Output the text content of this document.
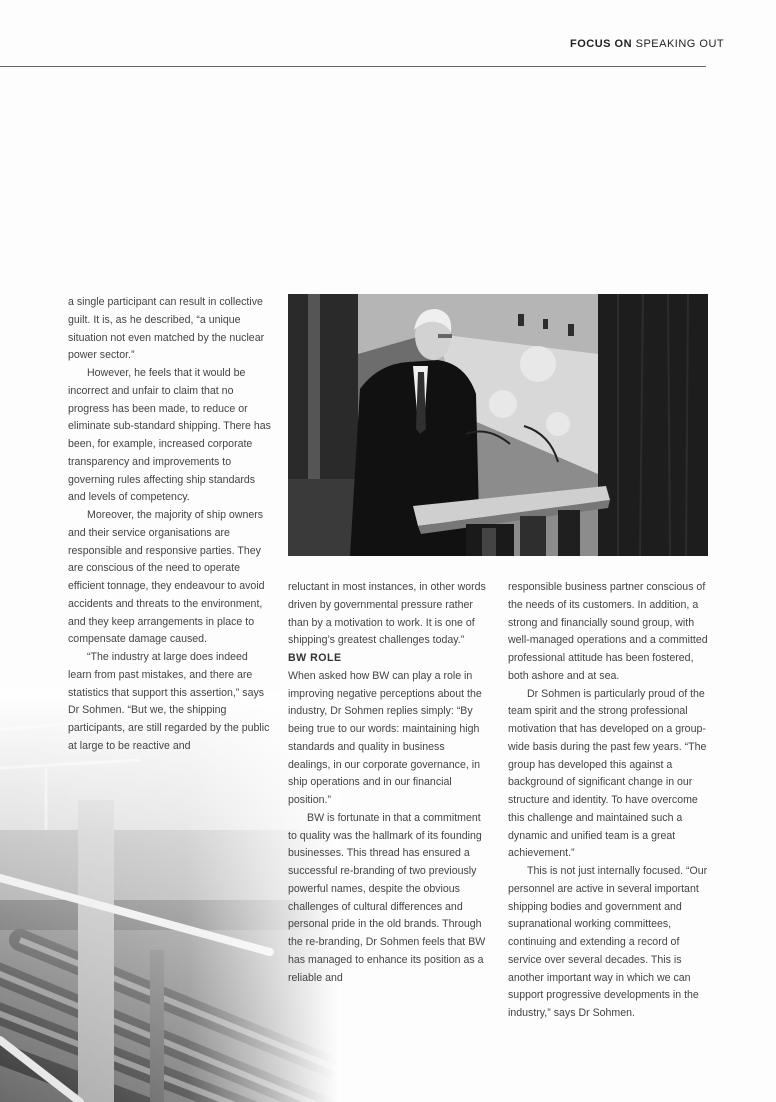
FOCUS ON SPEAKING OUT

a single participant can result in collective guilt. It is, as he described, “a unique situation not even matched by the nuclear power sector.”

However, he feels that it would be incorrect and unfair to claim that no progress has been made, to reduce or eliminate sub-standard shipping. There has been, for example, increased corporate transparency and improvements to governing rules affecting ship standards and levels of competency.

Moreover, the majority of ship owners and their service organisations are responsible and responsive parties. They are conscious of the need to operate efficient tonnage, they endeavour to avoid accidents and threats to the environment, and they keep arrangements in place to compensate damage caused.

“The industry at large does indeed learn from past mistakes, and there are statistics that support this assertion,” says Dr Sohmen. “But we, the shipping participants, are still regarded by the public at large to be reactive and

reluctant in most instances, in other words driven by governmental pressure rather than by a motivation to work. It is one of shipping’s greatest challenges today.”

BW ROLE

When asked how BW can play a role in improving negative perceptions about the industry, Dr Sohmen replies simply: “By being true to our words: maintaining high standards and quality in business dealings, in our corporate governance, in ship operations and in our financial position.”

BW is fortunate in that a commitment to quality was the hallmark of its founding businesses. This thread has ensured a successful re-branding of two previously powerful names, despite the obvious challenges of cultural differences and personal pride in the old brands. Through the re-branding, Dr Sohmen feels that BW has managed to enhance its position as a reliable and

responsible business partner conscious of the needs of its customers. In addition, a strong and financially sound group, with well-managed operations and a committed professional attitude has been fostered, both ashore and at sea.

Dr Sohmen is particularly proud of the team spirit and the strong professional motivation that has developed on a group-wide basis during the past few years. “The group has developed this against a background of significant change in our structure and identity. To have overcome this challenge and maintained such a dynamic and unified team is a great achievement.”

This is not just internally focused. “Our personnel are active in several important shipping bodies and government and supranational working committees, continuing and extending a record of service over several decades. This is another important way in which we can support progressive developments in the industry,” says Dr Sohmen.
